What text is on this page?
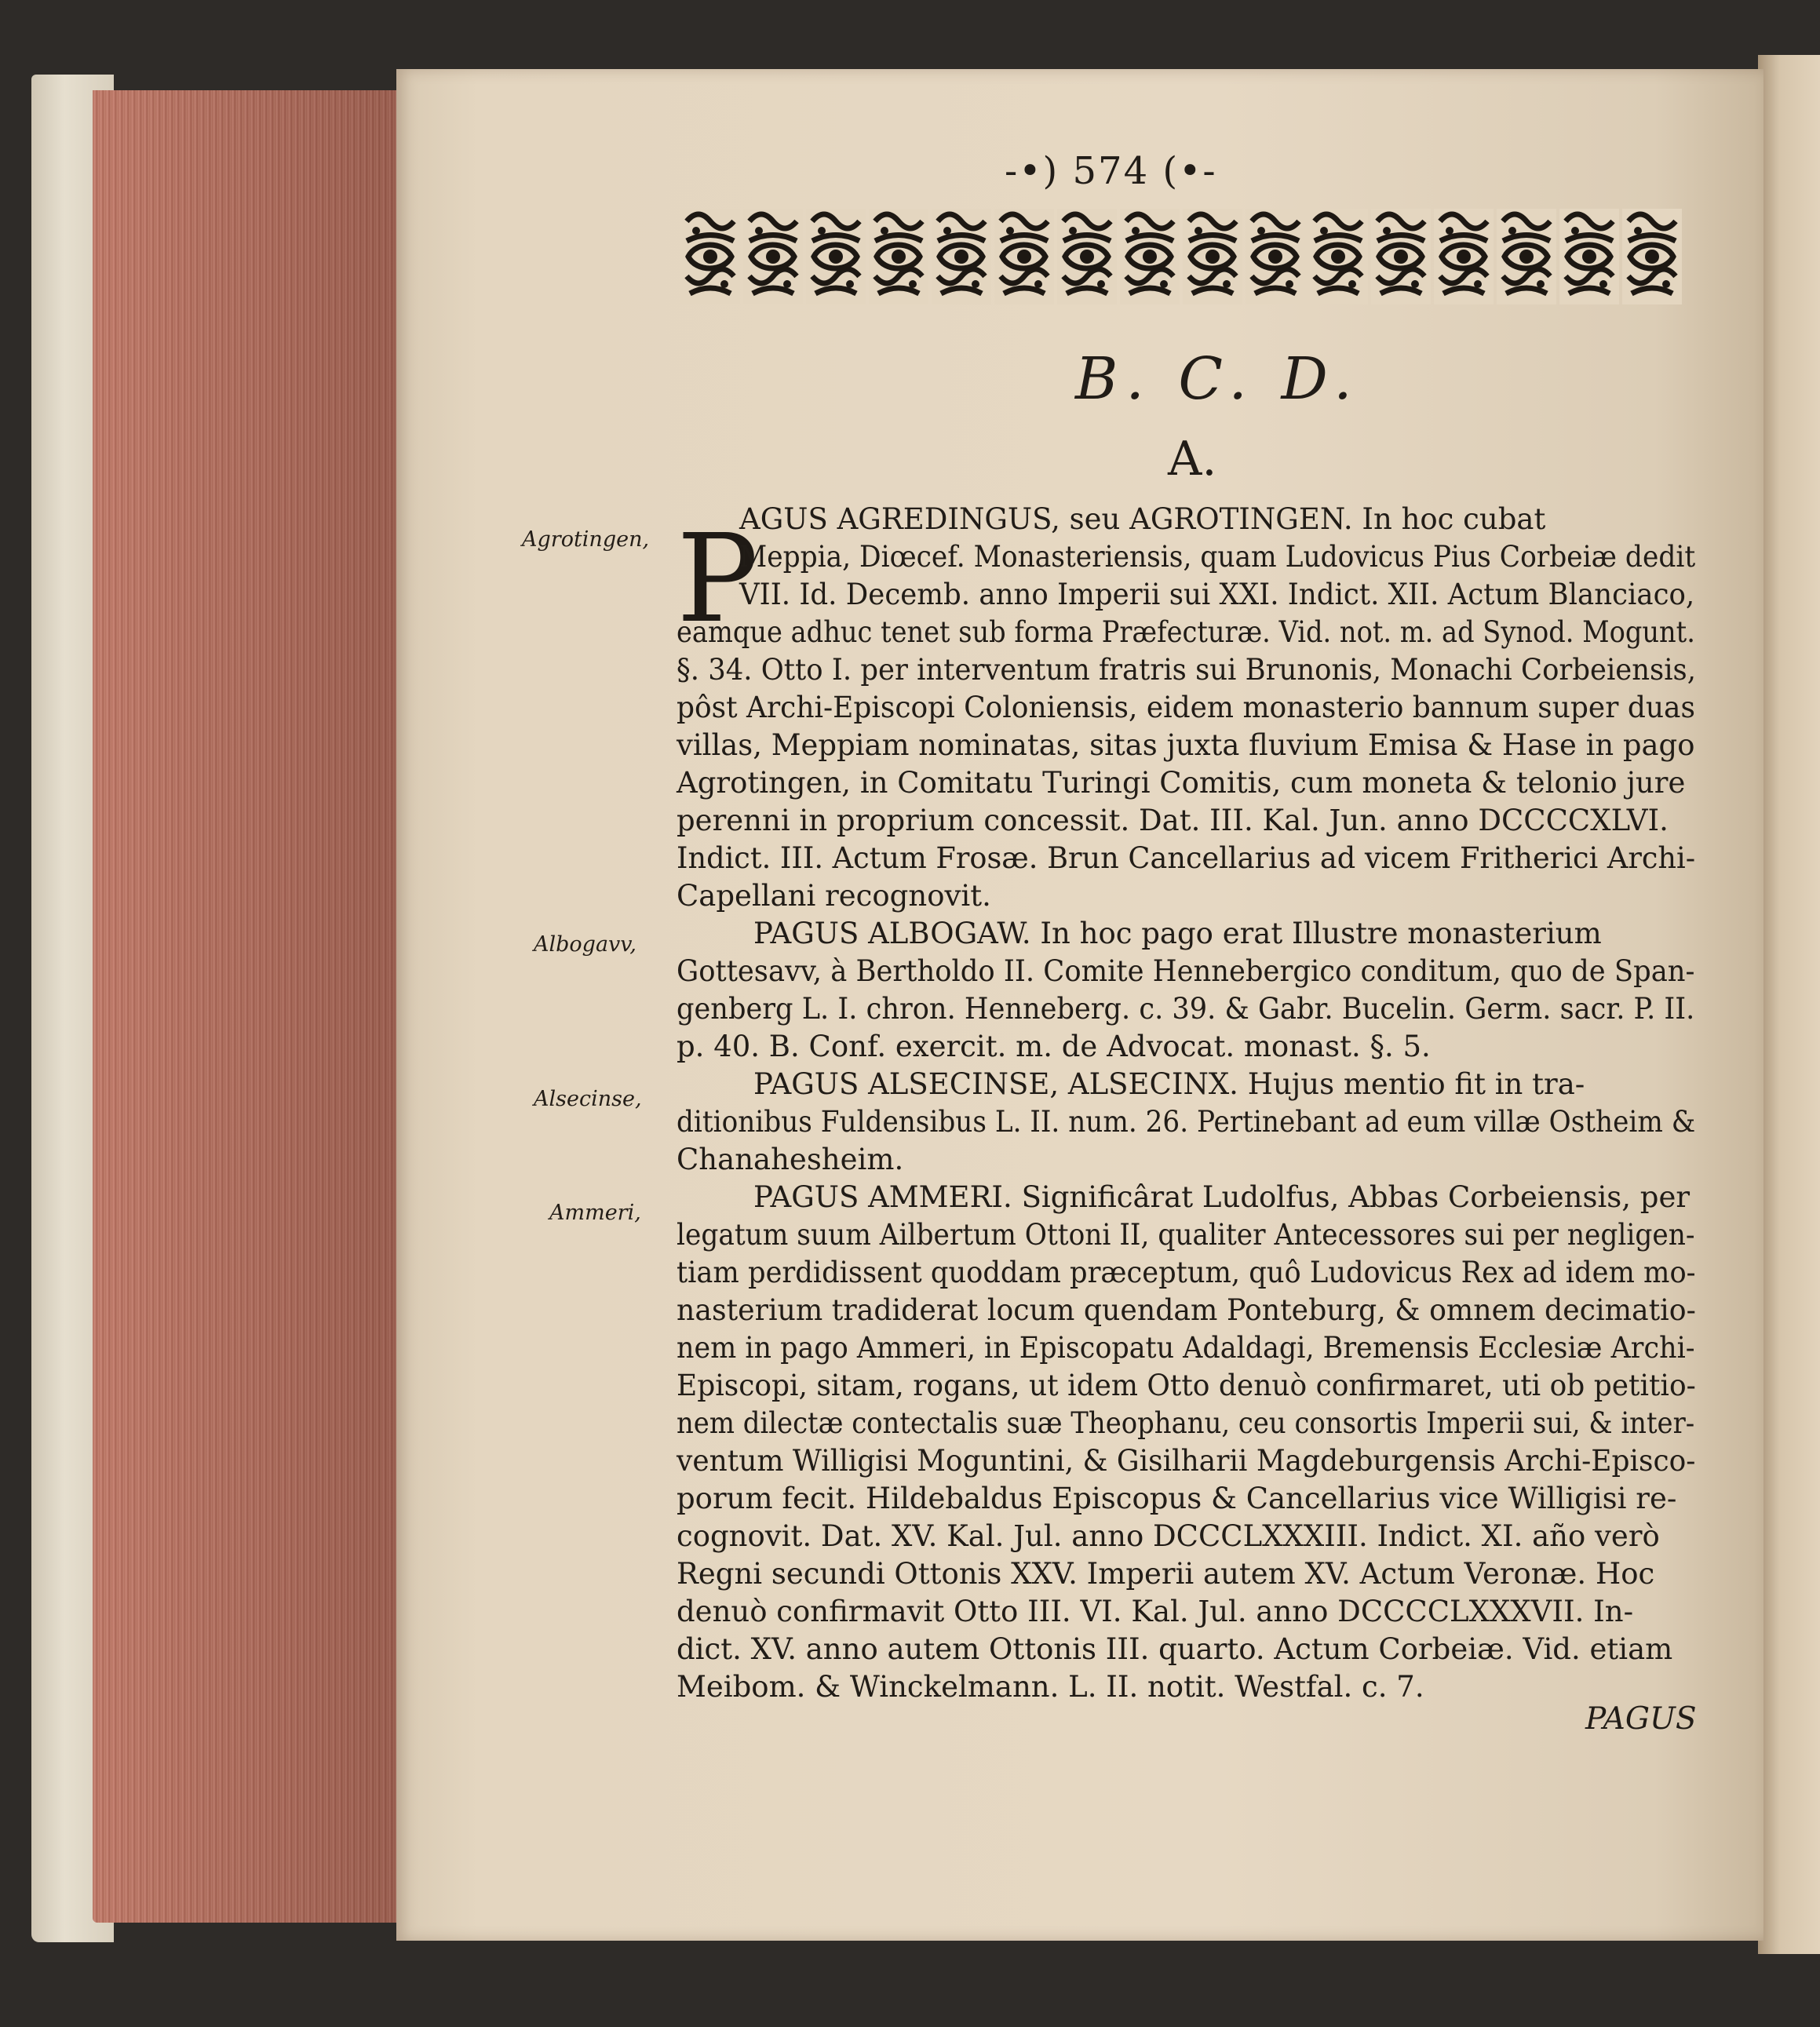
-•) 574 (•-
B. C. D.
A.
Agrotingen,
Albogavv,
Alsecinse,
Ammeri,
P
AGUS AGREDINGUS, seu AGROTINGEN. In hoc cubat
Meppia, Diœcef. Monasteriensis, quam Ludovicus Pius Corbeiæ dedit
VII. Id. Decemb. anno Imperii sui XXI. Indict. XII. Actum Blanciaco,
eamque adhuc tenet sub forma Præfecturæ. Vid. not. m. ad Synod. Mogunt.
§. 34. Otto I. per interventum fratris sui Brunonis, Monachi Corbeiensis,
pôst Archi-Episcopi Coloniensis, eidem monasterio bannum super duas
villas, Meppiam nominatas, sitas juxta fluvium Emisa & Hase in pago
Agrotingen, in Comitatu Turingi Comitis, cum moneta & telonio jure
perenni in proprium concessit. Dat. III. Kal. Jun. anno DCCCCXLVI.
Indict. III. Actum Frosæ. Brun Cancellarius ad vicem Fritherici Archi-
Capellani recognovit.
PAGUS ALBOGAW. In hoc pago erat Illustre monasterium
Gottesavv, à Bertholdo II. Comite Hennebergico conditum, quo de Span-
genberg L. I. chron. Henneberg. c. 39. & Gabr. Bucelin. Germ. sacr. P. II.
p. 40. B. Conf. exercit. m. de Advocat. monast. §. 5.
PAGUS ALSECINSE, ALSECINX. Hujus mentio fit in tra-
ditionibus Fuldensibus L. II. num. 26. Pertinebant ad eum villæ Ostheim &
Chanahesheim.
PAGUS AMMERI. Significârat Ludolfus, Abbas Corbeiensis, per
legatum suum Ailbertum Ottoni II, qualiter Antecessores sui per negligen-
tiam perdidissent quoddam præceptum, quô Ludovicus Rex ad idem mo-
nasterium tradiderat locum quendam Ponteburg, & omnem decimatio-
nem in pago Ammeri, in Episcopatu Adaldagi, Bremensis Ecclesiæ Archi-
Episcopi, sitam, rogans, ut idem Otto denuò confirmaret, uti ob petitio-
nem dilectæ contectalis suæ Theophanu, ceu consortis Imperii sui, & inter-
ventum Willigisi Moguntini, & Gisilharii Magdeburgensis Archi-Episco-
porum fecit. Hildebaldus Episcopus & Cancellarius vice Willigisi re-
cognovit. Dat. XV. Kal. Jul. anno DCCCLXXXIII. Indict. XI. año verò
Regni secundi Ottonis XXV. Imperii autem XV. Actum Veronæ. Hoc
denuò confirmavit Otto III. VI. Kal. Jul. anno DCCCCLXXXVII. In-
dict. XV. anno autem Ottonis III. quarto. Actum Corbeiæ. Vid. etiam
Meibom. & Winckelmann. L. II. notit. Westfal. c. 7.
PAGUS
